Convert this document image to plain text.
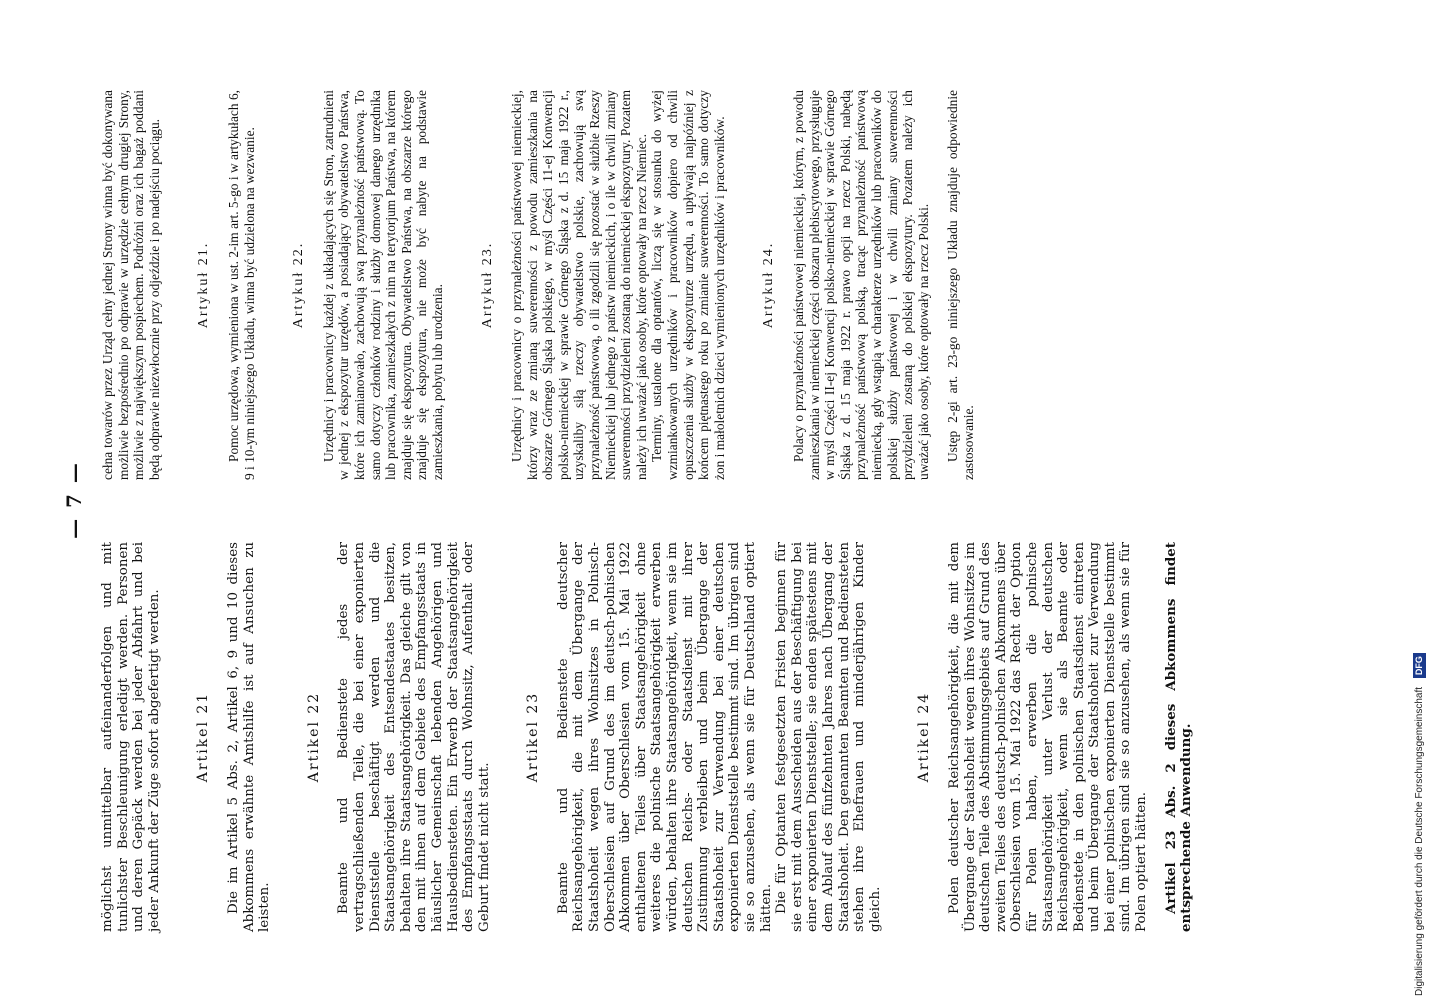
— 7 —

möglichst unmittelbar aufeinanderfolgen und mit tunlichster Beschleunigung erledigt werden. Personen und deren Gepäck werden bei jeder Abfahrt und bei jeder Ankunft der Züge sofort abgefertigt werden. Artikel 21 Die im Artikel 5 Abs. 2, Artikel 6, 9 und 10 dieses Abkommens erwähnte Amtshilfe ist auf Ansuchen zu leisten.

Artikel 22 Beamte und Bedienstete jedes der vertragschließenden Teile, die bei einer exponierten Dienststelle beschäftigt werden und die Staatsangehörigkeit des Entsendestaates besitzen, behalten ihre Staatsangehörigkeit. Das gleiche gilt von den mit ihnen auf dem Gebiete des Empfangsstaats in häuslicher Gemeinschaft lebenden Angehörigen und Hausbediensteten. Ein Erwerb der Staatsangehörigkeit des Empfangsstaats durch Wohnsitz, Aufenthalt oder Geburt findet nicht statt.

Artikel 23 Beamte und Bedienstete deutscher Reichsangehörigkeit, die mit dem Übergange der Staatshoheit wegen ihres Wohnsitzes in Polnisch-Oberschlesien auf Grund des im deutsch-polnischen Abkommen über Oberschlesien vom 15. Mai 1922 enthaltenen Teiles über Staatsangehörigkeit ohne weiteres die polnische Staatsangehörigkeit erwerben würden, behalten ihre Staatsangehörigkeit, wenn sie im deutschen Reichs- oder Staatsdienst mit ihrer Zustimmung verbleiben und beim Übergange der Staatshoheit zur Verwendung bei einer deutschen exponierten Dienststelle bestimmt sind. Im übrigen sind sie so anzusehen, als wenn sie für Deutschland optiert hätten. Die für Optanten festgesetzten Fristen beginnen für sie erst mit dem Ausscheiden aus der Beschäftigung bei einer exponierten Dienststelle; sie enden spätestens mit dem Ablauf des fünfzehnten Jahres nach Übergang der Staatshoheit. Den genannten Beamten und Bediensteten stehen ihre Ehefrauen und minderjährigen Kinder gleich.

Artikel 24 Polen deutscher Reichsangehörigkeit, die mit dem Übergange der Staatshoheit wegen ihres Wohnsitzes im deutschen Teile des Abstimmungsgebiets auf Grund des zweiten Teiles des deutsch-polnischen Abkommens über Oberschlesien vom 15. Mai 1922 das Recht der Option für Polen haben, erwerben die polnische Staatsangehörigkeit unter Verlust der deutschen Reichsangehörigkeit, wenn sie als Beamte oder Bedienstete in den polnischen Staatsdienst eintreten und beim Übergange der Staatshoheit zur Verwendung bei einer polnischen exponierten Dienststelle bestimmt sind. Im übrigen sind sie so anzusehen, als wenn sie für Polen optiert hätten. Artikel 23 Abs. 2 dieses Abkommens findet entsprechende Anwendung.

cełna towarów przez Urząd cełny jednej Strony winna być dokonywana możliwie bezpośrednio po odprawie w urzędzie cełnym drugiej Strony, możliwie z największym pospiechem. Podróżni oraz ich bagaż poddani będą odprawie niezwłocznie przy odjeździe i po nadejściu pociągu. Artykuł 21. Pomoc urzędowa, wymieniona w ust. 2-im art. 5-go i w artykułach 6, 9 i 10-ym niniejszego Układu, winna być udzielona na wezwanie. Artykuł 22. Urzędnicy i pracownicy każdej z układających się Stron, zatrudnieni w jednej z ekspozytur urzędów, a posiadający obywatelstwo Państwa, które ich zamianowało, zachowują swą przynależność państwową. To samo dotyczy członków rodziny i służby domowej danego urzędnika lub pracownika, zamieszkałych z nim na terytorjum Państwa, na którem znajduje się ekspozytura. Obywatelstwo Państwa, na obszarze którego znajduje się ekspozytura, nie może być nabyte na podstawie zamieszkania, pobytu lub urodzenia. Artykuł 23. Urzędnicy i pracownicy o przynależności państwowej niemieckiej, którzy wraz ze zmianą suwerenności z powodu zamieszkania na obszarze Górnego Śląska polskiego, w myśl Części 11-ej Konwencji polsko-niemieckiej w sprawie Górnego Śląska z d. 15 maja 1922 r., uzyskaliby siłą rzeczy obywatelstwo polskie, zachowują swą przynależność państwową, o ili zgodzili się pozostać w służbie Rzeszy Niemieckiej lub jednego z państw niemieckich, i o ile w chwili zmiany suwerenności przydzieleni zostaną do niemieckiej ekspozytury. Pozatem należy ich uważać jako osoby, które optowały na rzecz Niemiec. Terminy, ustalone dla optantów, liczą się w stosunku do wyżej wzmiankowanych urzędników i pracowników dopiero od chwili opuszczenia służby w ekspozyturze urzędu, a upływają najpóźniej z końcem piętnastego roku po zmianie suwerenności. To samo dotyczy żon i małoletnich dzieci wymienionych urzędników i pracowników. Artykuł 24. Polacy o przynależności państwowej niemieckiej, którym, z powodu zamieszkania w niemieckiej części obszaru plebiscytowego, przysługuje w myśl Części II-ej Konwencji polsko-niemieckiej w sprawie Górnego Śląska z d. 15 maja 1922 r. prawo opcji na rzecz Polski, nabędą przynależność państwową polską, tracąc przynależność państwową niemiecką, gdy wstąpią w charakterze urzędników lub pracowników do polskiej służby państwowej i w chwili zmiany suwerenności przydzieleni zostaną do polskiej ekspozytury. Pozatem należy ich uważać jako osoby, które optowały na rzecz Polski. Ustęp 2-gi art. 23-go niniejszego Układu znajduje odpowiednie zastosowanie.

Digitalisierung gefördert durch die Deutsche Forschungsgemeinschaft DFG
